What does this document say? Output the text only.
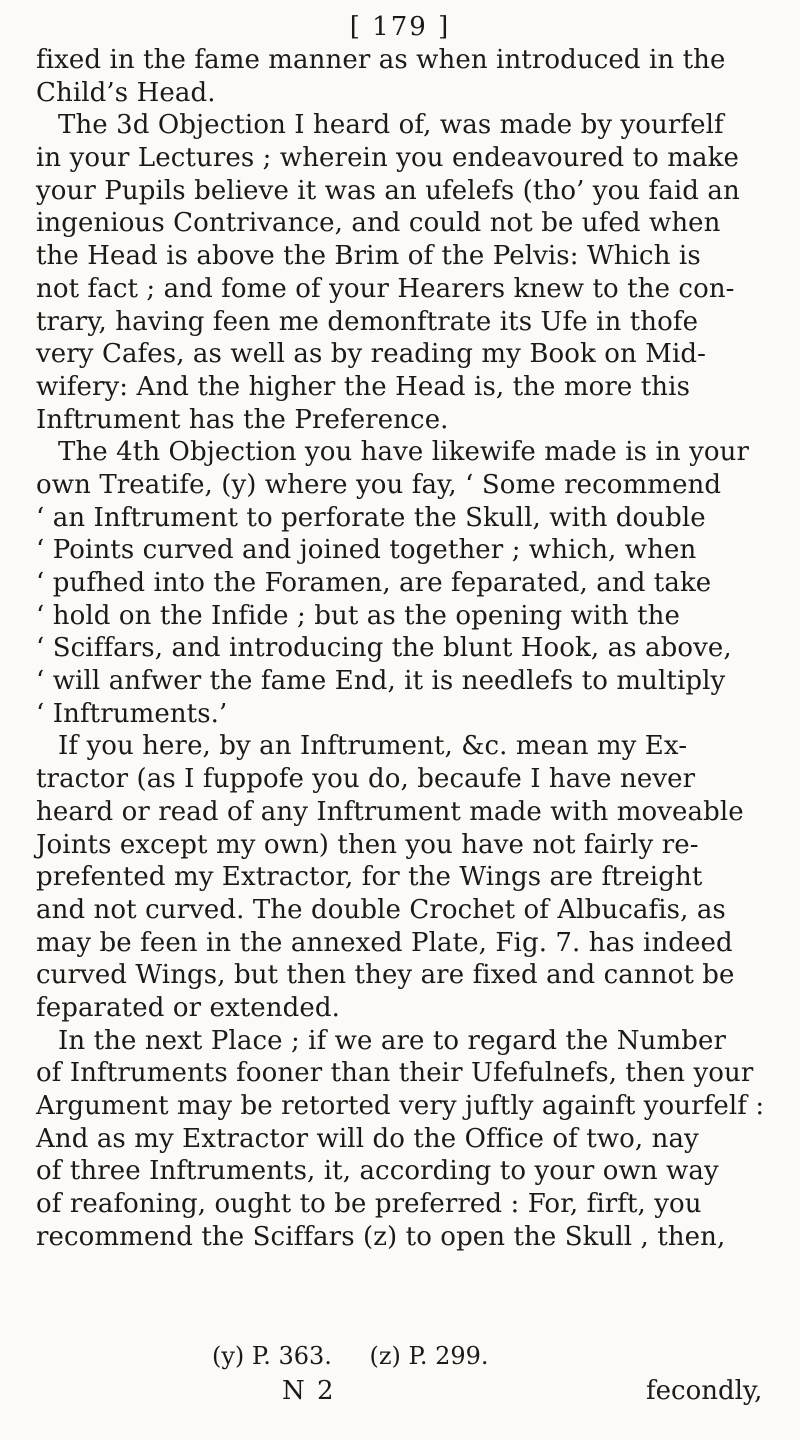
[ 179 ]
fixed in the fame manner as when introduced in the
Child’s Head.
The 3d Objection I heard of, was made by yourfelf
in your Lectures ; wherein you endeavoured to make
your Pupils believe it was an ufelefs (tho’ you faid an
ingenious Contrivance, and could not be ufed when
the Head is above the Brim of the Pelvis: Which is
not fact ; and fome of your Hearers knew to the con-
trary, having feen me demonftrate its Ufe in thofe
very Cafes, as well as by reading my Book on Mid-
wifery: And the higher the Head is, the more this
Inftrument has the Preference.
The 4th Objection you have likewife made is in your
own Treatife, (y) where you fay, ‘ Some recommend
‘ an Inftrument to perforate the Skull, with double
‘ Points curved and joined together ; which, when
‘ pufhed into the Foramen, are feparated, and take
‘ hold on the Infide ; but as the opening with the
‘ Sciffars, and introducing the blunt Hook, as above,
‘ will anfwer the fame End, it is needlefs to multiply
‘ Inftruments.’
If you here, by an Inftrument, &c. mean my Ex-
tractor (as I fuppofe you do, becaufe I have never
heard or read of any Inftrument made with moveable
Joints except my own) then you have not fairly re-
prefented my Extractor, for the Wings are ftreight
and not curved. The double Crochet of Albucafis, as
may be feen in the annexed Plate, Fig. 7. has indeed
curved Wings, but then they are fixed and cannot be
feparated or extended.
In the next Place ; if we are to regard the Number
of Inftruments fooner than their Ufefulnefs, then your
Argument may be retorted very juftly againft yourfelf :
And as my Extractor will do the Office of two, nay
of three Inftruments, it, according to your own way
of reafoning, ought to be preferred : For, firft, you
recommend the Sciffars (z) to open the Skull , then,
(y) P. 363. (z) P. 299.
N 2	fecondly,
